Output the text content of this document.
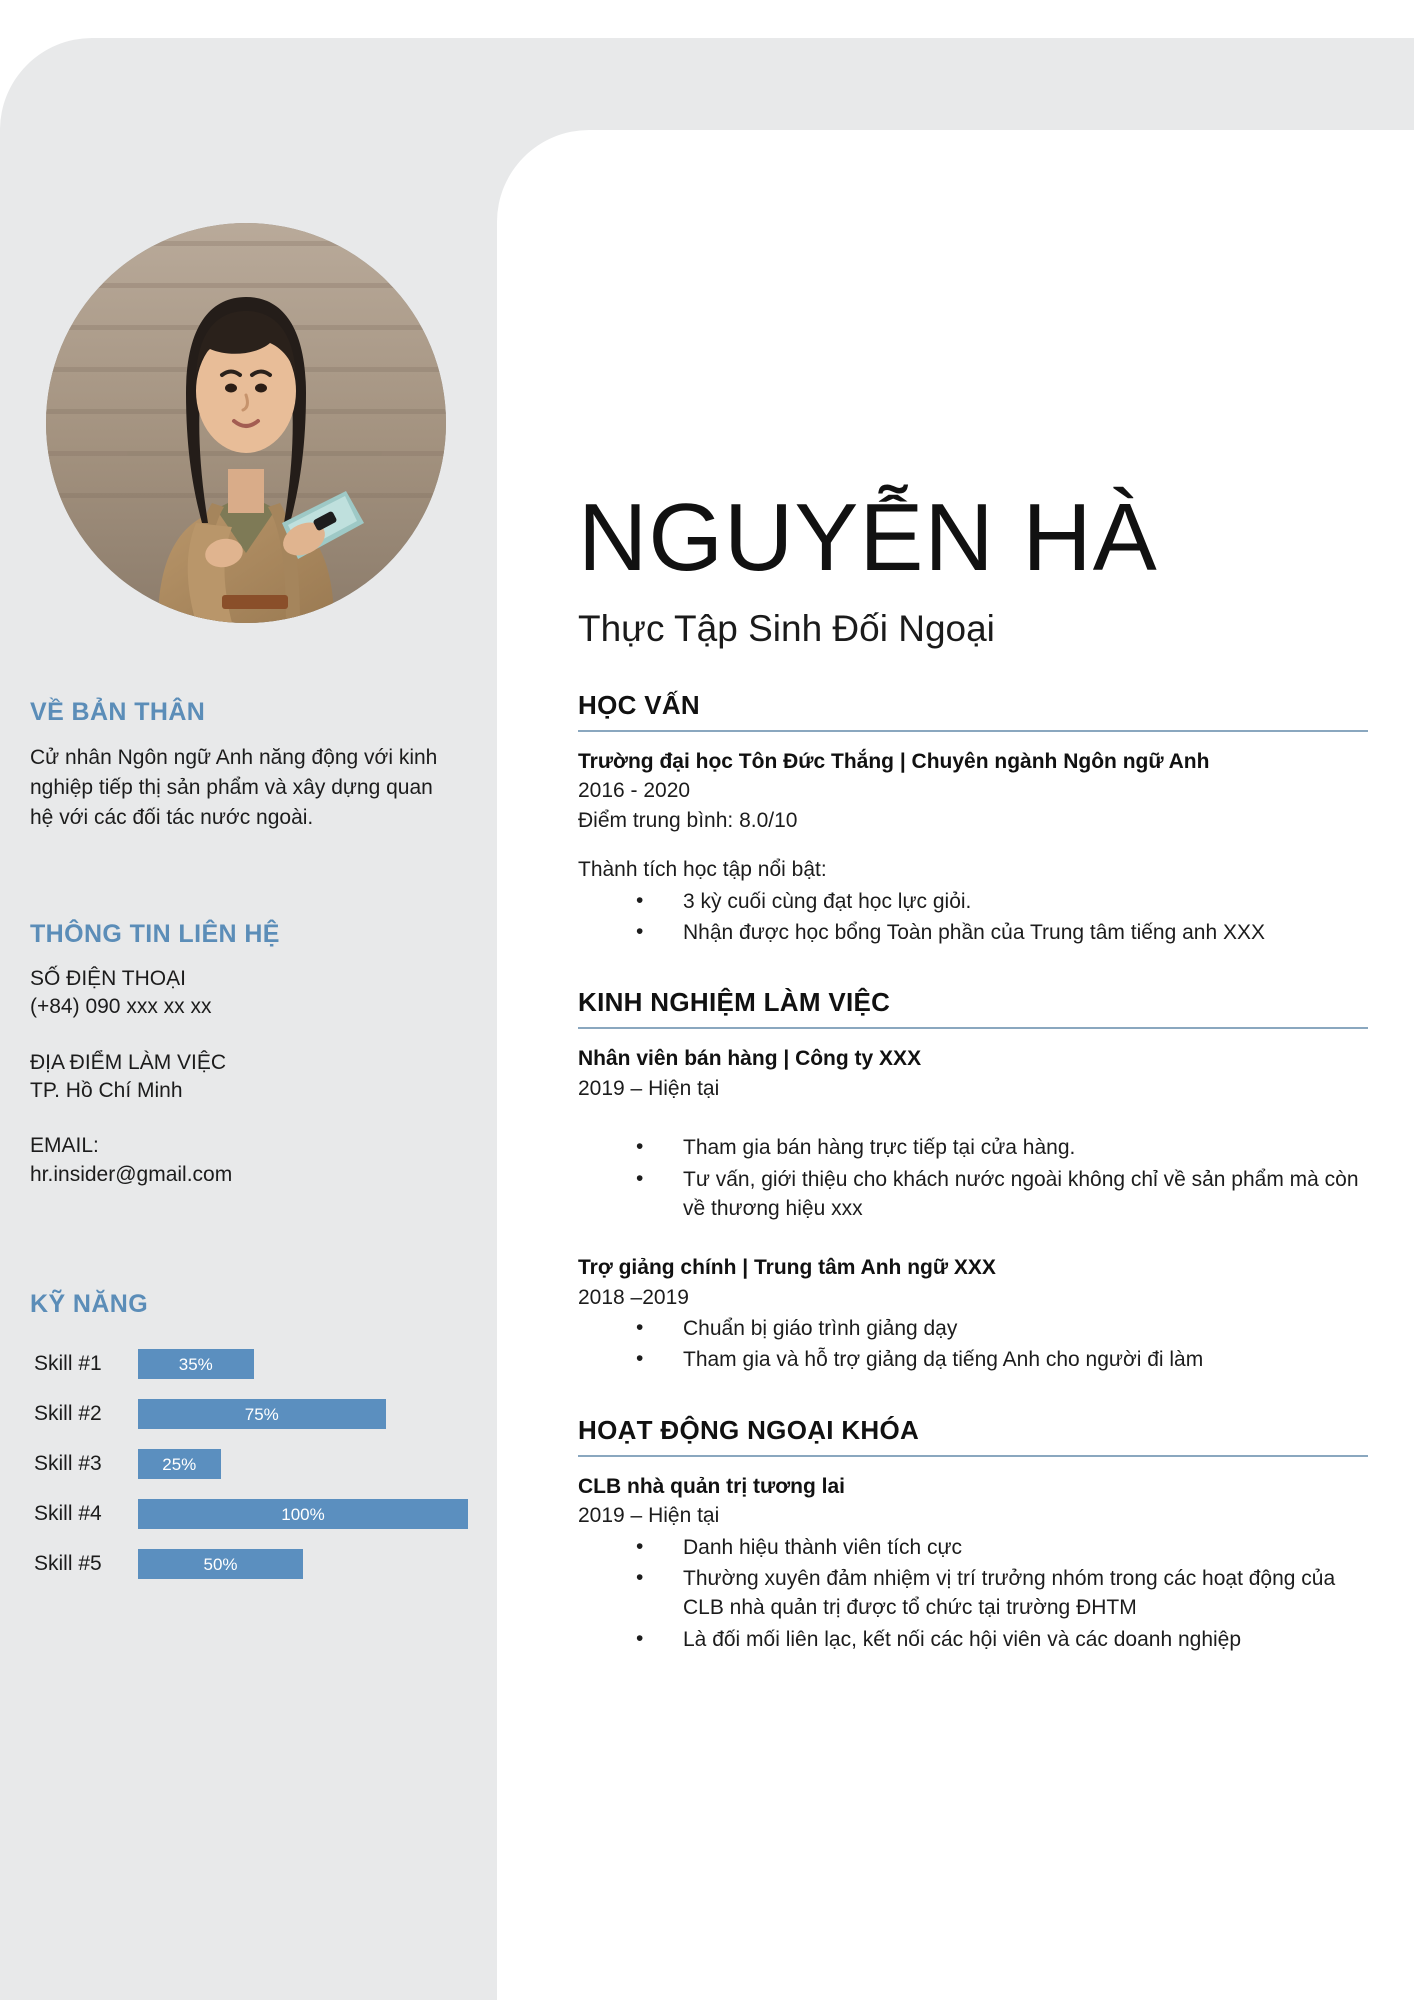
VỀ BẢN THÂN
Cử nhân Ngôn ngữ Anh năng động với kinh nghiệp tiếp thị sản phẩm và xây dựng quan hệ với các đối tác nước ngoài.
THÔNG TIN LIÊN HỆ
SỐ ĐIỆN THOẠI
(+84) 090 xxx xx xx
ĐỊA ĐIỂM LÀM VIỆC
TP. Hồ Chí Minh
EMAIL:
hr.insider@gmail.com
KỸ NĂNG
Skill #1	35%
Skill #2	75%
Skill #3	25%
Skill #4	100%
Skill #5	50%
NGUYỄN HÀ
Thực Tập Sinh Đối Ngoại
HỌC VẤN
Trường đại học Tôn Đức Thắng | Chuyên ngành Ngôn ngữ Anh
2016 - 2020
Điểm trung bình: 8.0/10
Thành tích học tập nổi bật:
• 3 kỳ cuối cùng đạt học lực giỏi.
• Nhận được học bổng Toàn phần của Trung tâm tiếng anh XXX
KINH NGHIỆM LÀM VIỆC
Nhân viên bán hàng | Công ty XXX
2019 – Hiện tại
• Tham gia bán hàng trực tiếp tại cửa hàng.
• Tư vấn, giới thiệu cho khách nước ngoài không chỉ về sản phẩm mà còn về thương hiệu xxx
Trợ giảng chính | Trung tâm Anh ngữ XXX
2018 –2019
• Chuẩn bị giáo trình giảng dạy
• Tham gia và hỗ trợ giảng dạ tiếng Anh cho người đi làm
HOẠT ĐỘNG NGOẠI KHÓA
CLB nhà quản trị tương lai
2019 – Hiện tại
• Danh hiệu thành viên tích cực
• Thường xuyên đảm nhiệm vị trí trưởng nhóm trong các hoạt động của CLB nhà quản trị được tổ chức tại trường ĐHTM
• Là đối mối liên lạc, kết nối các hội viên và các doanh nghiệp
